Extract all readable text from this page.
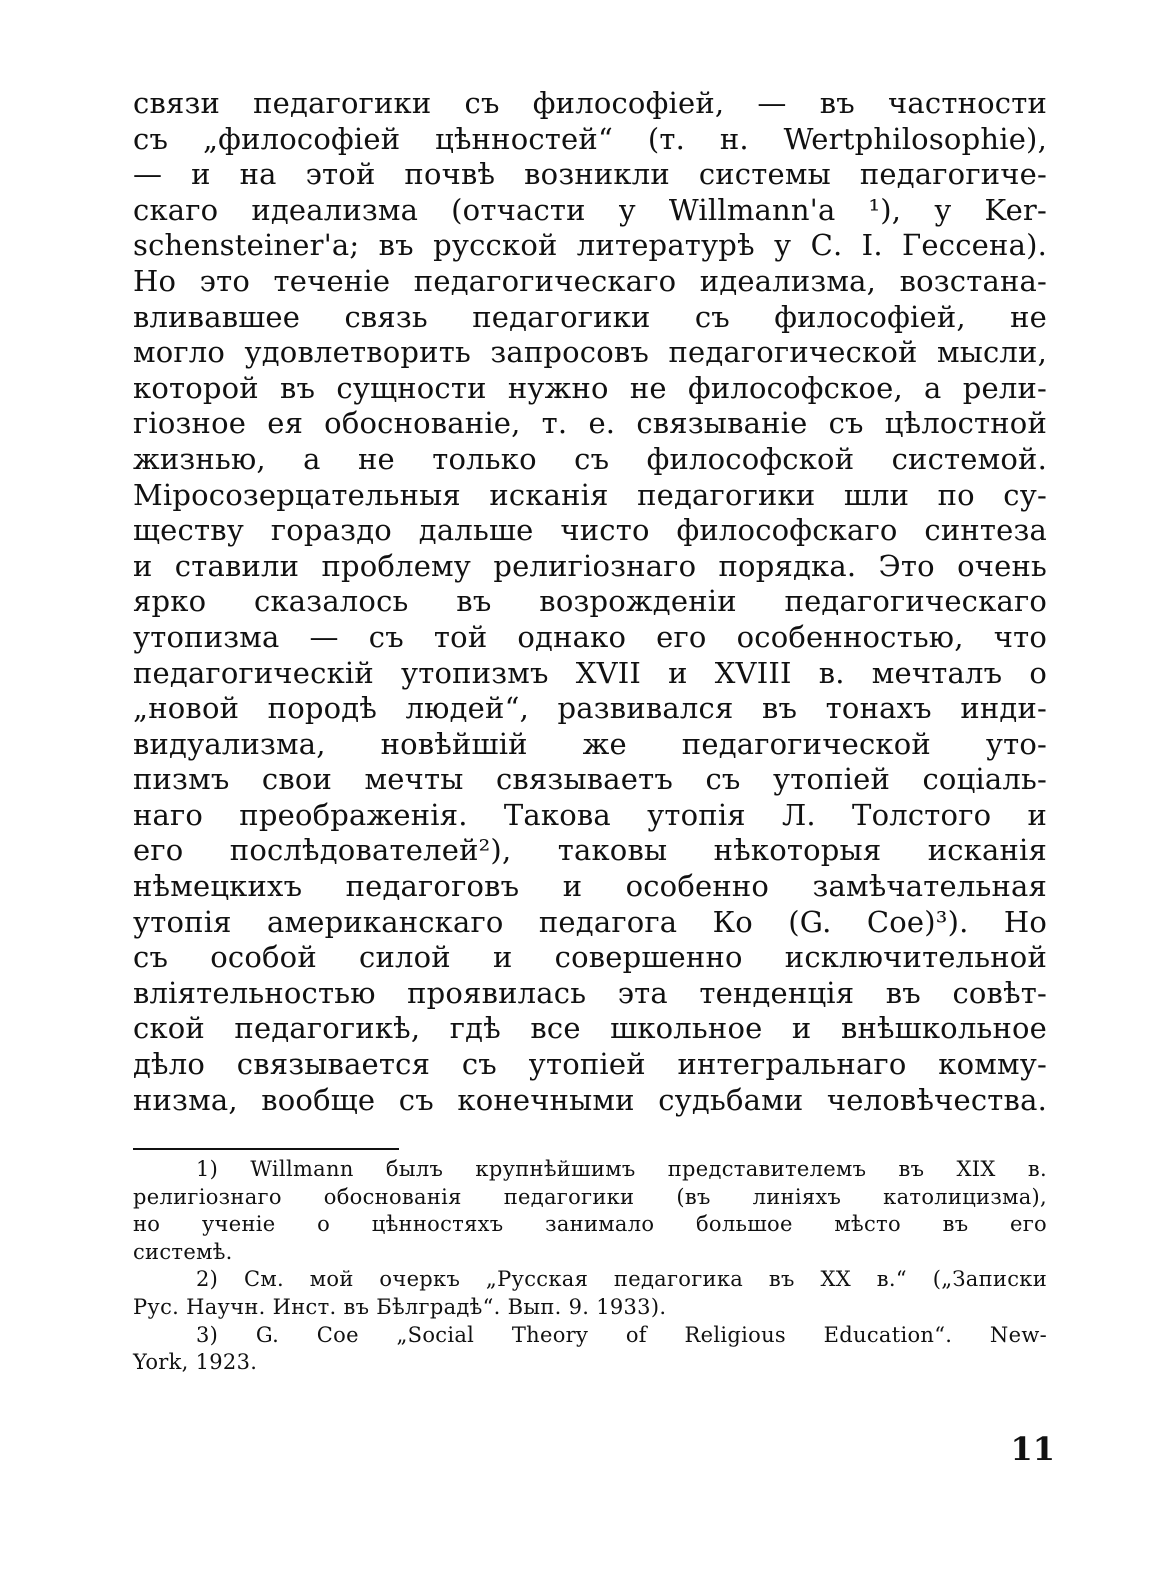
связи педагогики съ философіей, — въ частности
съ „философіей цѣнностей“ (т. н. Wertphilosophie),
— и на этой почвѣ возникли системы педагогиче-
скаго идеализма (отчасти у Willmann'а ¹), у Ker-
schensteiner'а; въ русской литературѣ у С. І. Гессена).
Но это теченіе педагогическаго идеализма, возстана-
вливавшее связь педагогики съ философіей, не
могло удовлетворить запросовъ педагогической мысли,
которой въ сущности нужно не философское, а рели-
гіозное ея обоснованіе, т. е. связываніе съ цѣлостной
жизнью, а не только съ философской системой.
Міросозерцательныя исканія педагогики шли по су-
ществу гораздо дальше чисто философскаго синтеза
и ставили проблему религіознаго порядка. Это очень
ярко сказалось въ возрожденіи педагогическаго
утопизма — съ той однако его особенностью, что
педагогическій утопизмъ XVII и XVIII в. мечталъ о
„новой породѣ людей“, развивался въ тонахъ инди-
видуализма, новѣйшій же педагогической уто-
пизмъ свои мечты связываетъ съ утопіей соціаль-
наго преображенія. Такова утопія Л. Толстого и
его послѣдователей²), таковы нѣкоторыя исканія
нѣмецкихъ педагоговъ и особенно замѣчательная
утопія американскаго педагога Ко (G. Coe)³). Но
съ особой силой и совершенно исключительной
вліятельностью проявилась эта тенденція въ совѣт-
ской педагогикѣ, гдѣ все школьное и внѣшкольное
дѣло связывается съ утопіей интегральнаго комму-
низма, вообще съ конечными судьбами человѣчества.
1) Willmann былъ крупнѣйшимъ представителемъ въ XIX в.
религіознаго обоснованія педагогики (въ линіяхъ католицизма),
но ученіе о цѣнностяхъ занимало большое мѣсто въ его
системѣ.
2) См. мой очеркъ „Русская педагогика въ XX в.“ („Записки
Рус. Научн. Инст. въ Бѣлградѣ“. Вып. 9. 1933).
3) G. Coe „Social Theory of Religious Education“. New-
York, 1923.
11
